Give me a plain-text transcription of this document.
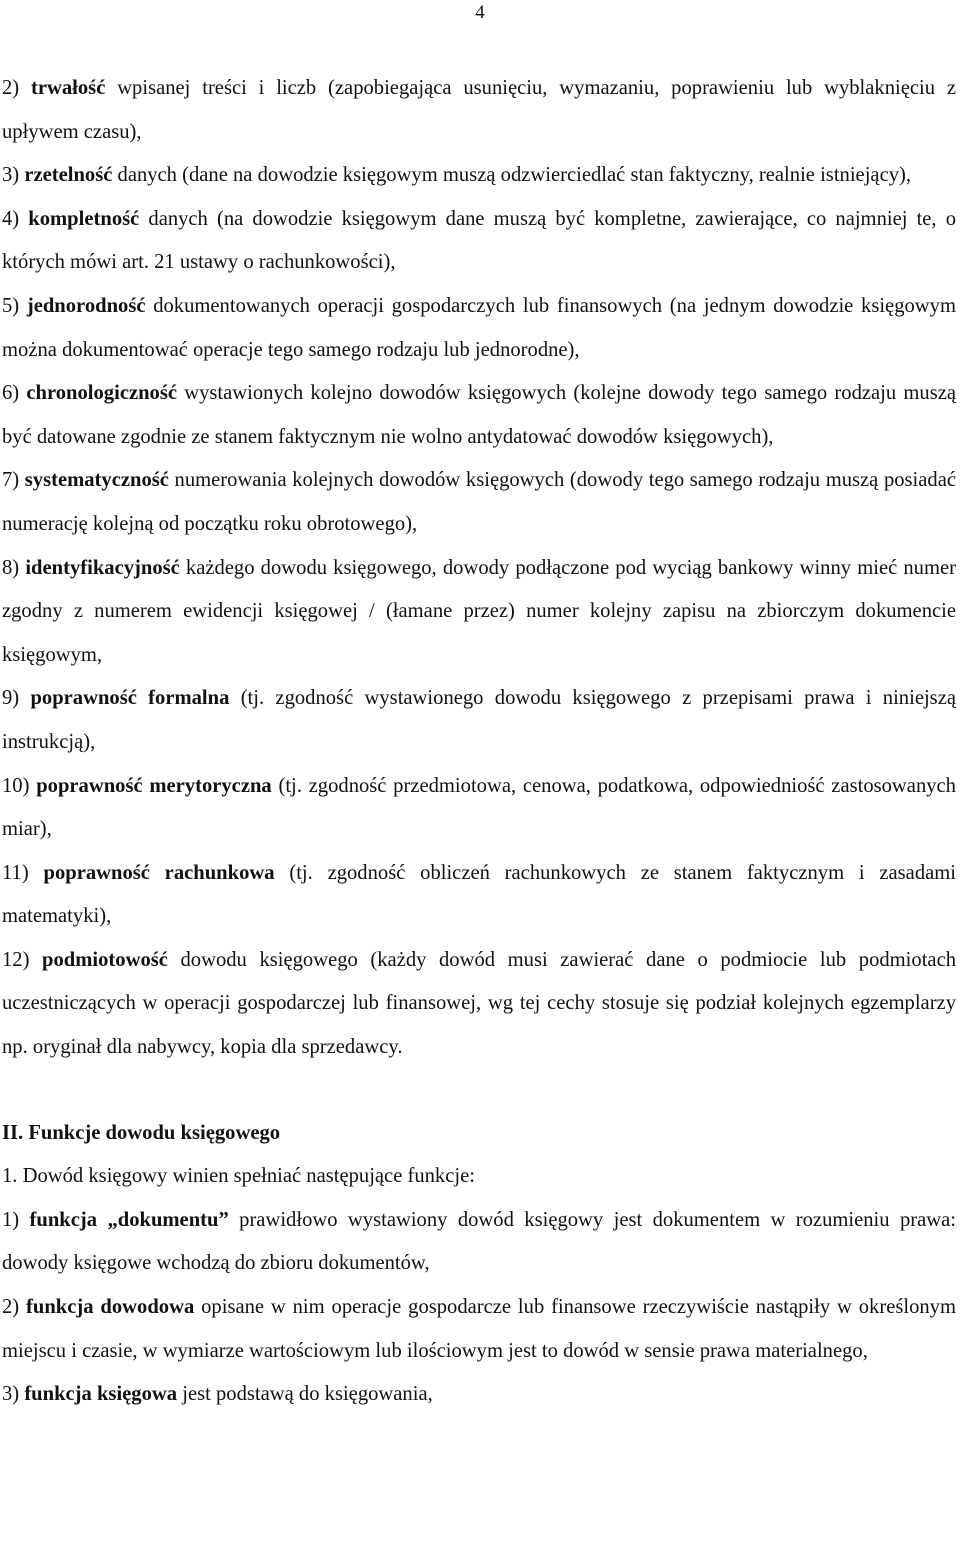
4

2) trwałość wpisanej treści i liczb (zapobiegająca usunięciu, wymazaniu, poprawieniu lub wyblaknięciu z upływem czasu),

3) rzetelność danych (dane na dowodzie księgowym muszą odzwierciedlać stan faktyczny, realnie istniejący),

4) kompletność danych (na dowodzie księgowym dane muszą być kompletne, zawierające, co najmniej te, o których mówi art. 21 ustawy o rachunkowości),

5) jednorodność dokumentowanych operacji gospodarczych lub finansowych (na jednym dowodzie księgowym można dokumentować operacje tego samego rodzaju lub jednorodne),

6) chronologiczność wystawionych kolejno dowodów księgowych (kolejne dowody tego samego rodzaju muszą być datowane zgodnie ze stanem faktycznym nie wolno antydatować dowodów księgowych),

7) systematyczność numerowania kolejnych dowodów księgowych (dowody tego samego rodzaju muszą posiadać numerację kolejną od początku roku obrotowego),

8) identyfikacyjność każdego dowodu księgowego, dowody podłączone pod wyciąg bankowy winny mieć numer zgodny z numerem ewidencji księgowej / (łamane przez) numer kolejny zapisu na zbiorczym dokumencie księgowym,

9) poprawność formalna (tj. zgodność wystawionego dowodu księgowego z przepisami prawa i niniejszą instrukcją),

10) poprawność merytoryczna (tj. zgodność przedmiotowa, cenowa, podatkowa, odpowiedniość zastosowanych miar),

11) poprawność rachunkowa (tj. zgodność obliczeń rachunkowych ze stanem faktycznym i zasadami matematyki),

12) podmiotowość dowodu księgowego (każdy dowód musi zawierać dane o podmiocie lub podmiotach uczestniczących w operacji gospodarczej lub finansowej, wg tej cechy stosuje się podział kolejnych egzemplarzy np. oryginał dla nabywcy, kopia dla sprzedawcy.

II. Funkcje dowodu księgowego

1. Dowód księgowy winien spełniać następujące funkcje:

1) funkcja „dokumentu” prawidłowo wystawiony dowód księgowy jest dokumentem w rozumieniu prawa: dowody księgowe wchodzą do zbioru dokumentów,

2) funkcja dowodowa opisane w nim operacje gospodarcze lub finansowe rzeczywiście nastąpiły w określonym miejscu i czasie, w wymiarze wartościowym lub ilościowym jest to dowód w sensie prawa materialnego,

3) funkcja księgowa jest podstawą do księgowania,
